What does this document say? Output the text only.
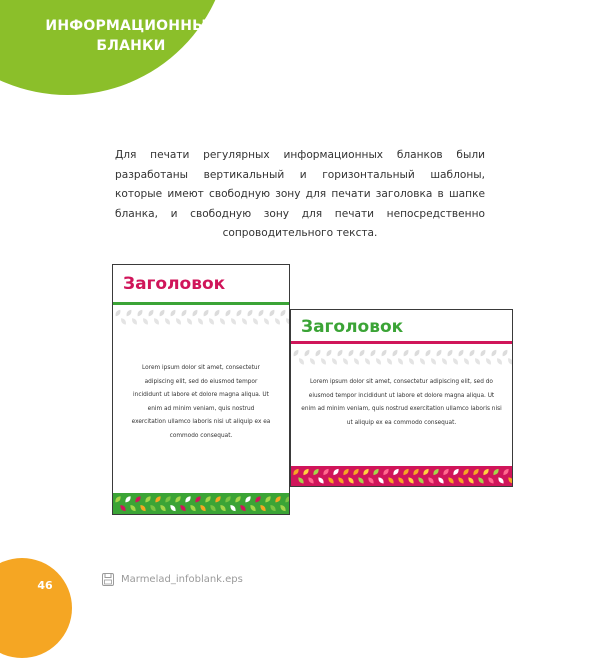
ИНФОРМАЦИОННЫЕ БЛАНКИ

Для печати регулярных информационных бланков были разработаны вертикальный и горизонтальный шаблоны, которые имеют свободную зону для печати заголовка в шапке бланка, и свободную зону для печати непосредственно сопроводительного текста.

Заголовок
Lorem ipsum dolor sit amet, consectetur adipiscing elit, sed do eiusmod tempor incididunt ut labore et dolore magna aliqua. Ut enim ad minim veniam, quis nostrud exercitation ullamco laboris nisi ut aliquip ex ea commodo consequat.
Заголовок
Lorem ipsum dolor sit amet, consectetur adipiscing elit, sed do eiusmod tempor incididunt ut labore et dolore magna aliqua. Ut enim ad minim veniam, quis nostrud exercitation ullamco laboris nisi ut aliquip ex ea commodo consequat.
46	Marmelad_infoblank.eps
